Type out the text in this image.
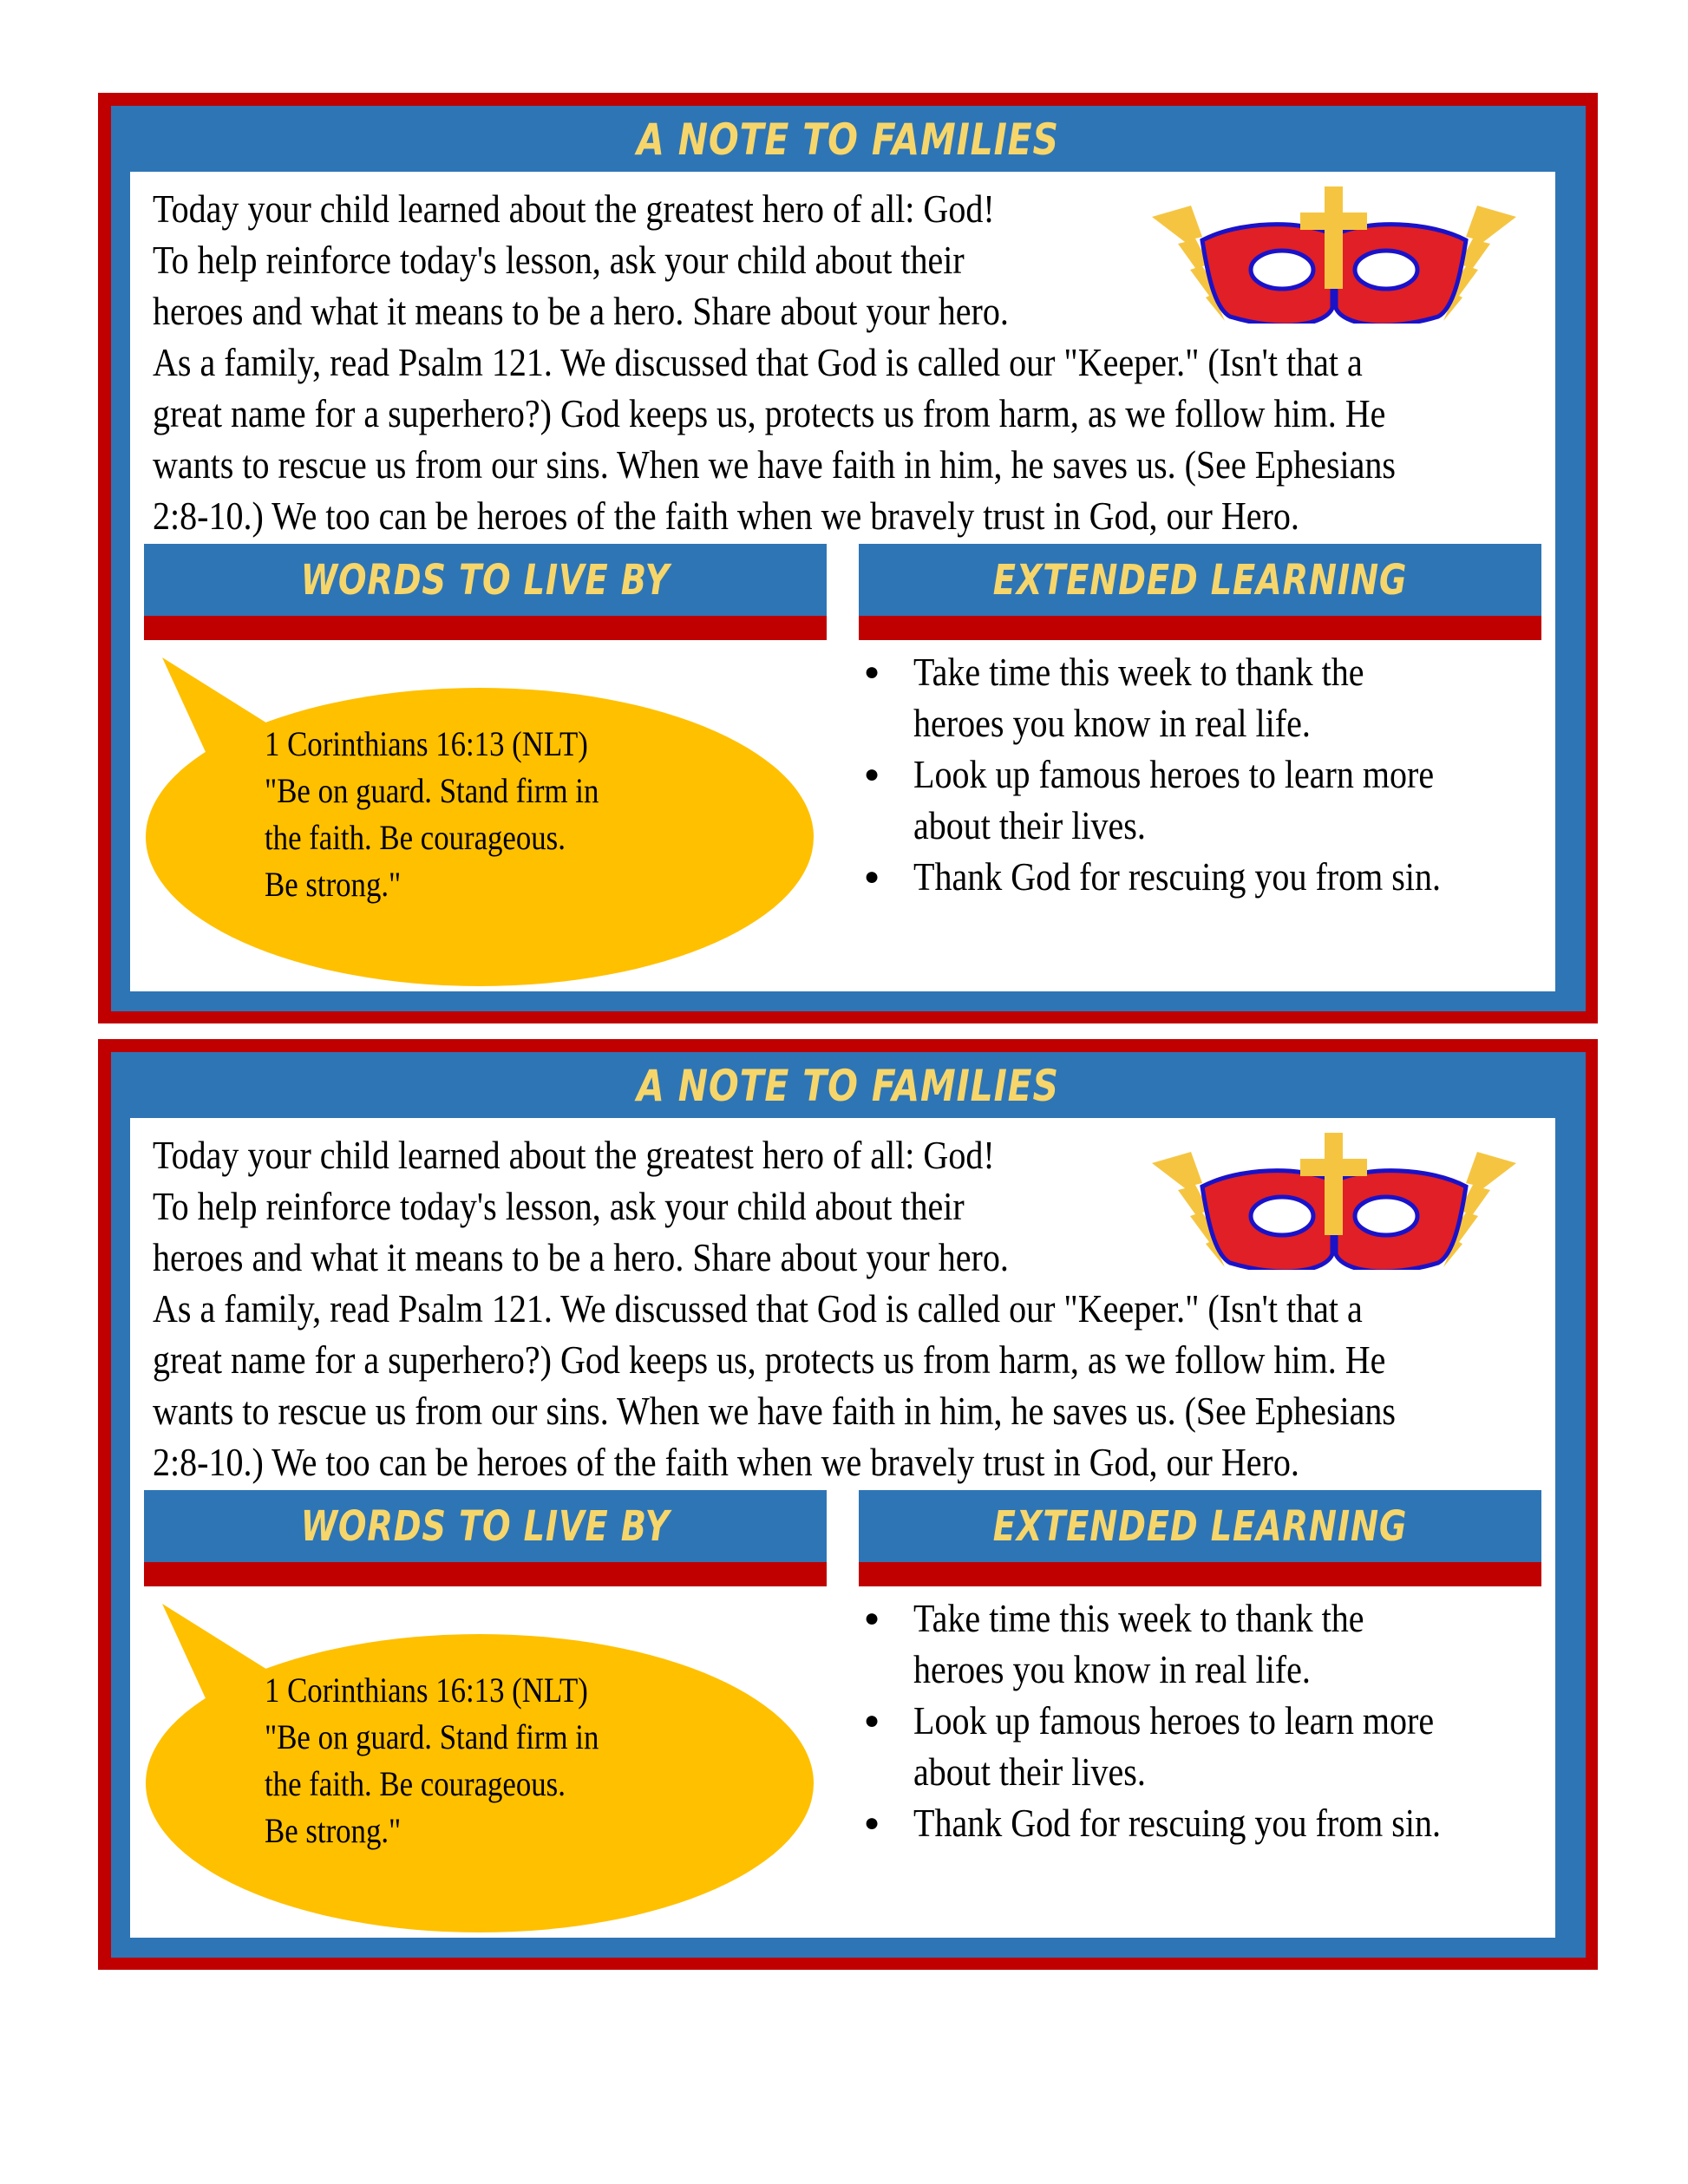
A NOTE TO FAMILIES
Today your child learned about the greatest hero of all: God!
To help reinforce today's lesson, ask your child about their
heroes and what it means to be a hero. Share about your hero.
As a family, read Psalm 121. We discussed that God is called our "Keeper." (Isn't that a
great name for a superhero?) God keeps us, protects us from harm, as we follow him. He
wants to rescue us from our sins. When we have faith in him, he saves us. (See Ephesians
2:8-10.) We too can be heroes of the faith when we bravely trust in God, our Hero.
WORDS TO LIVE BY	EXTENDED LEARNING
1 Corinthians 16:13 (NLT)
"Be on guard. Stand firm in
the faith. Be courageous.
Be strong."
● Take time this week to thank the
heroes you know in real life.
● Look up famous heroes to learn more
about their lives.
● Thank God for rescuing you from sin.
A NOTE TO FAMILIES
Today your child learned about the greatest hero of all: God!
To help reinforce today's lesson, ask your child about their
heroes and what it means to be a hero. Share about your hero.
As a family, read Psalm 121. We discussed that God is called our "Keeper." (Isn't that a
great name for a superhero?) God keeps us, protects us from harm, as we follow him. He
wants to rescue us from our sins. When we have faith in him, he saves us. (See Ephesians
2:8-10.) We too can be heroes of the faith when we bravely trust in God, our Hero.
WORDS TO LIVE BY	EXTENDED LEARNING
1 Corinthians 16:13 (NLT)
"Be on guard. Stand firm in
the faith. Be courageous.
Be strong."
● Take time this week to thank the
heroes you know in real life.
● Look up famous heroes to learn more
about their lives.
● Thank God for rescuing you from sin.
